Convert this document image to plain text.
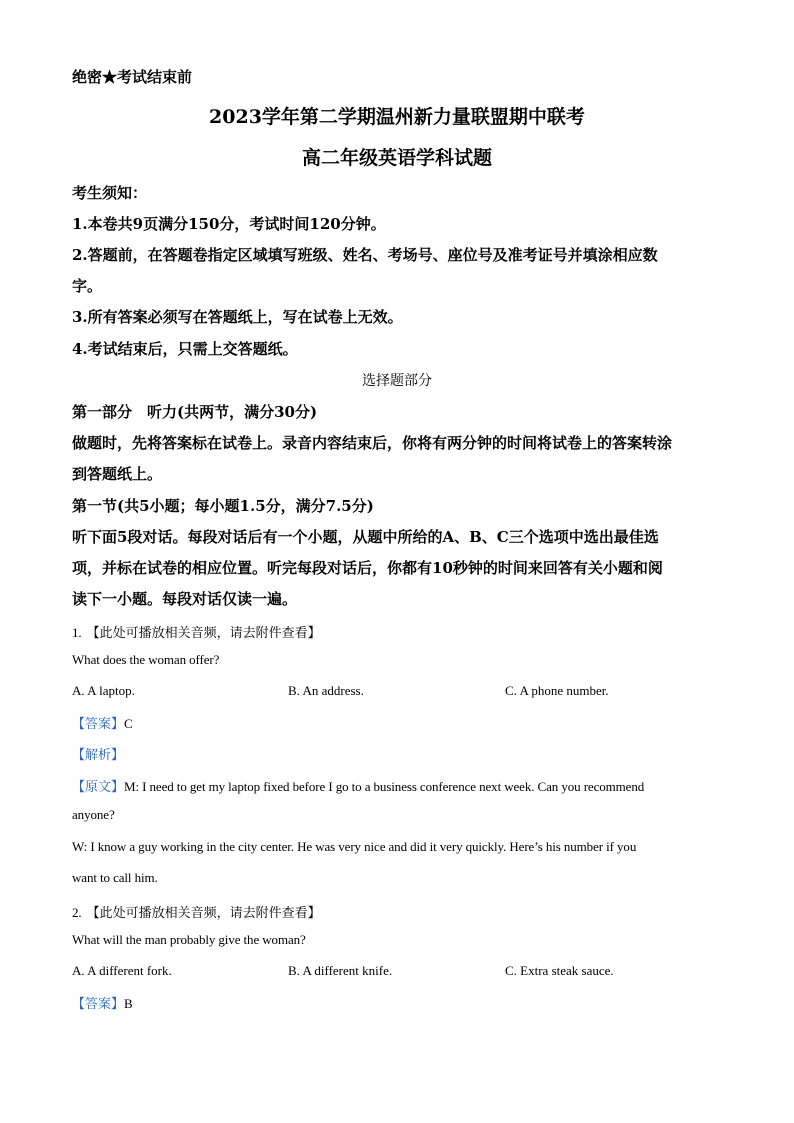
绝密★考试结束前
2023学年第二学期温州新力量联盟期中联考
高二年级英语学科试题
考生须知：
1.本卷共9页满分150分，考试时间120分钟。
2.答题前，在答题卷指定区域填写班级、姓名、考场号、座位号及准考证号并填涂相应数
字。
3.所有答案必须写在答题纸上，写在试卷上无效。
4.考试结束后，只需上交答题纸。
选择题部分
第一部分　听力(共两节，满分30分)
做题时，先将答案标在试卷上。录音内容结束后，你将有两分钟的时间将试卷上的答案转涂
到答题纸上。
第一节(共5小题；每小题1.5分，满分7.5分)
听下面5段对话。每段对话后有一个小题，从题中所给的A、B、C三个选项中选出最佳选
项，并标在试卷的相应位置。听完每段对话后，你都有10秒钟的时间来回答有关小题和阅
读下一小题。每段对话仅读一遍。
1. 【此处可播放相关音频，请去附件查看】
What does the woman offer?
A. A laptop.	B. An address.	C. A phone number.
【答案】C
【解析】
【原文】M: I need to get my laptop fixed before I go to a business conference next week. Can you recommend
anyone?
W: I know a guy working in the city center. He was very nice and did it very quickly. Here’s his number if you
want to call him.
2. 【此处可播放相关音频，请去附件查看】
What will the man probably give the woman?
A. A different fork.	B. A different knife.	C. Extra steak sauce.
【答案】B
